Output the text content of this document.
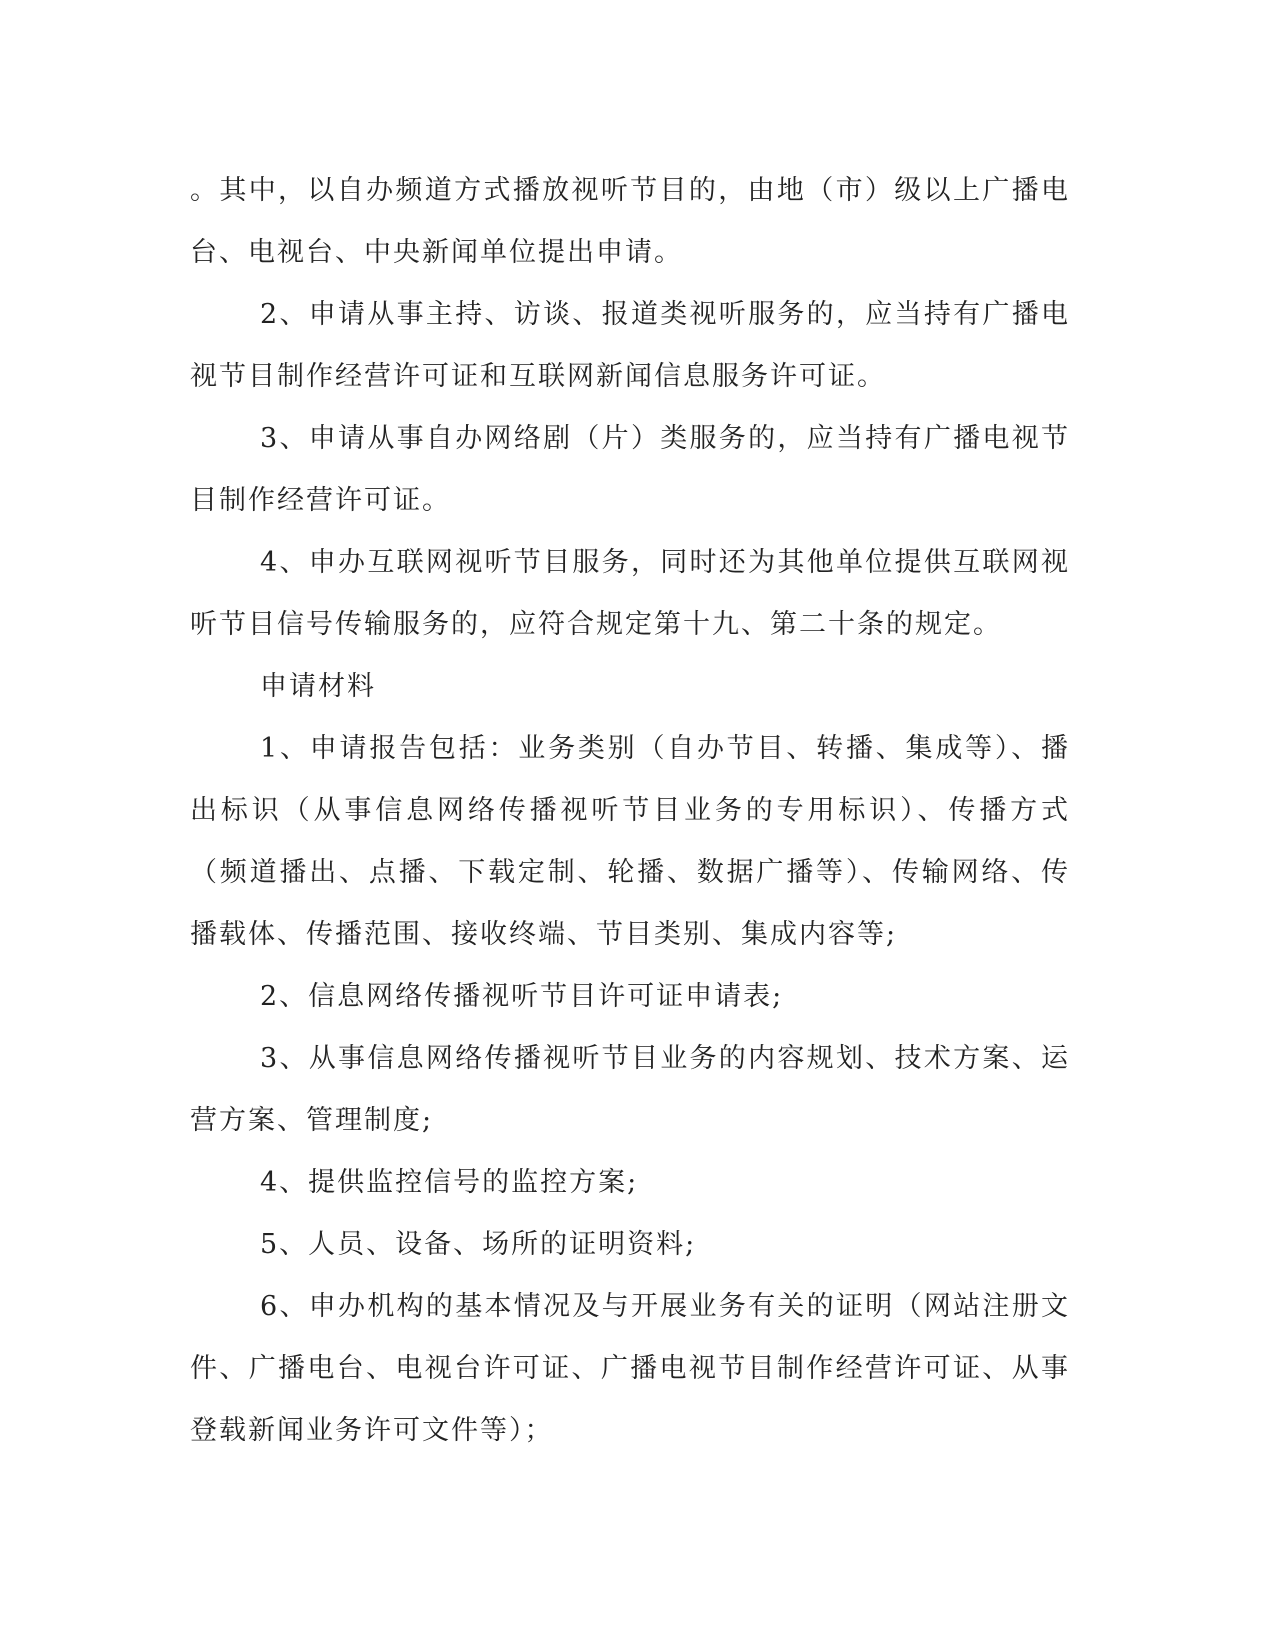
。其中，以自办频道方式播放视听节目的，由地（市）级以上广播电台、电视台、中央新闻单位提出申请。

2、申请从事主持、访谈、报道类视听服务的，应当持有广播电视节目制作经营许可证和互联网新闻信息服务许可证。

3、申请从事自办网络剧（片）类服务的，应当持有广播电视节目制作经营许可证。

4、申办互联网视听节目服务，同时还为其他单位提供互联网视听节目信号传输服务的，应符合规定第十九、第二十条的规定。

申请材料

1、申请报告包括：业务类别（自办节目、转播、集成等）、播出标识（从事信息网络传播视听节目业务的专用标识）、传播方式（频道播出、点播、下载定制、轮播、数据广播等）、传输网络、传播载体、传播范围、接收终端、节目类别、集成内容等;

2、信息网络传播视听节目许可证申请表;

3、从事信息网络传播视听节目业务的内容规划、技术方案、运营方案、管理制度;

4、提供监控信号的监控方案;

5、人员、设备、场所的证明资料;

6、申办机构的基本情况及与开展业务有关的证明（网站注册文件、广播电台、电视台许可证、广播电视节目制作经营许可证、从事登载新闻业务许可文件等）；
